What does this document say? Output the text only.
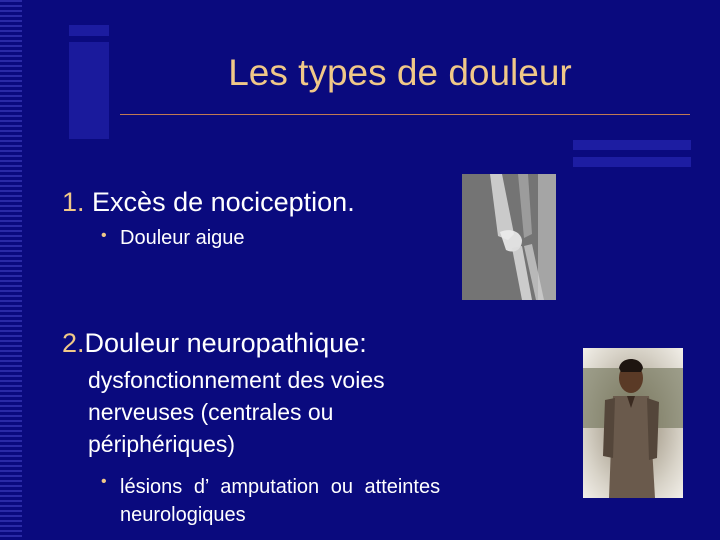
Les types de douleur
1. Excès de nociception.
• Douleur aigue
2.Douleur neuropathique:
dysfonctionnement des voies nerveuses (centrales ou périphériques)
• lésions d’ amputation ou atteintes neurologiques
